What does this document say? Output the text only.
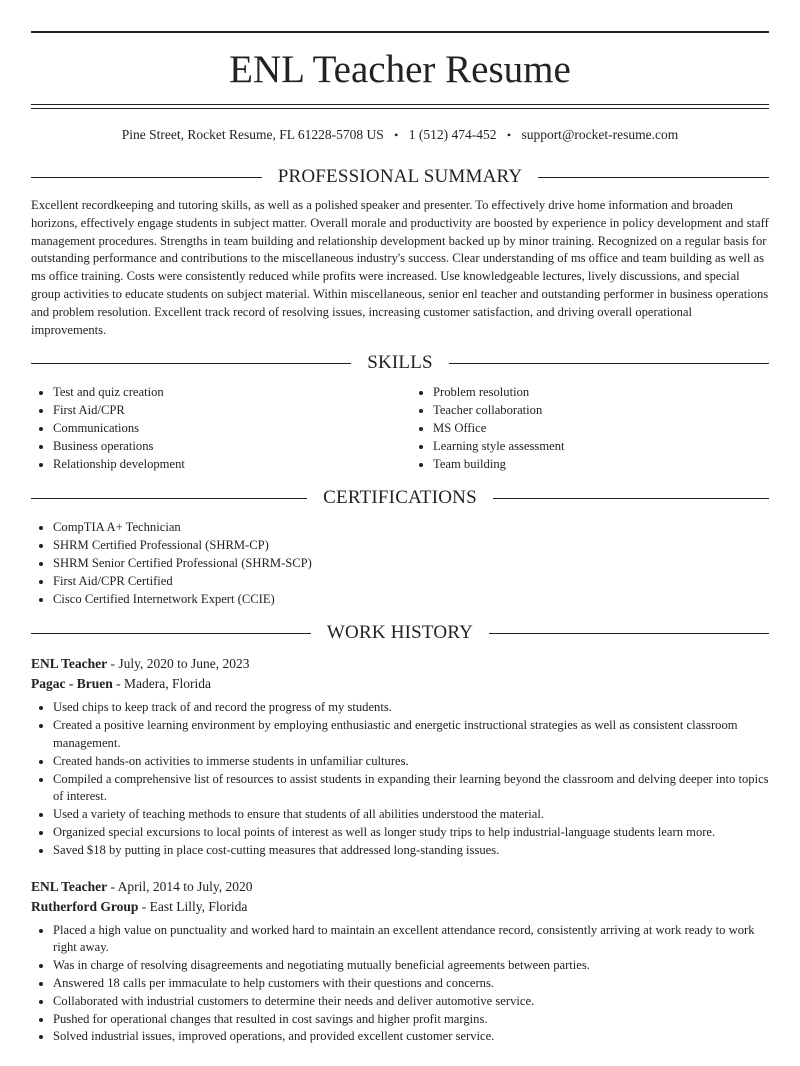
ENL Teacher Resume
Pine Street, Rocket Resume, FL 61228-5708 US • 1 (512) 474-452 • support@rocket-resume.com
PROFESSIONAL SUMMARY

Excellent recordkeeping and tutoring skills, as well as a polished speaker and presenter. To effectively drive home information and broaden horizons, effectively engage students in subject matter. Overall morale and productivity are boosted by experience in policy development and staff management procedures. Strengths in team building and relationship development backed up by minor training. Recognized on a regular basis for outstanding performance and contributions to the miscellaneous industry's success. Clear understanding of ms office and team building as well as ms office training. Costs were consistently reduced while profits were increased. Use knowledgeable lectures, lively discussions, and special group activities to educate students on subject material. Within miscellaneous, senior enl teacher and outstanding performer in business operations and problem resolution. Excellent track record of resolving issues, increasing customer satisfaction, and driving overall operational improvements.

SKILLS
• Test and quiz creation
• First Aid/CPR
• Communications
• Business operations
• Relationship development
• Problem resolution
• Teacher collaboration
• MS Office
• Learning style assessment
• Team building
CERTIFICATIONS
• CompTIA A+ Technician
• SHRM Certified Professional (SHRM-CP)
• SHRM Senior Certified Professional (SHRM-SCP)
• First Aid/CPR Certified
• Cisco Certified Internetwork Expert (CCIE)
WORK HISTORY
ENL Teacher - July, 2020 to June, 2023
Pagac - Bruen - Madera, Florida
• Used chips to keep track of and record the progress of my students.
• Created a positive learning environment by employing enthusiastic and energetic instructional strategies as well as consistent classroom management.
• Created hands-on activities to immerse students in unfamiliar cultures.
• Compiled a comprehensive list of resources to assist students in expanding their learning beyond the classroom and delving deeper into topics of interest.
• Used a variety of teaching methods to ensure that students of all abilities understood the material.
• Organized special excursions to local points of interest as well as longer study trips to help industrial-language students learn more.
• Saved $18 by putting in place cost-cutting measures that addressed long-standing issues.
ENL Teacher - April, 2014 to July, 2020
Rutherford Group - East Lilly, Florida
• Placed a high value on punctuality and worked hard to maintain an excellent attendance record, consistently arriving at work ready to work right away.
• Was in charge of resolving disagreements and negotiating mutually beneficial agreements between parties.
• Answered 18 calls per immaculate to help customers with their questions and concerns.
• Collaborated with industrial customers to determine their needs and deliver automotive service.
• Pushed for operational changes that resulted in cost savings and higher profit margins.
• Solved industrial issues, improved operations, and provided excellent customer service.
